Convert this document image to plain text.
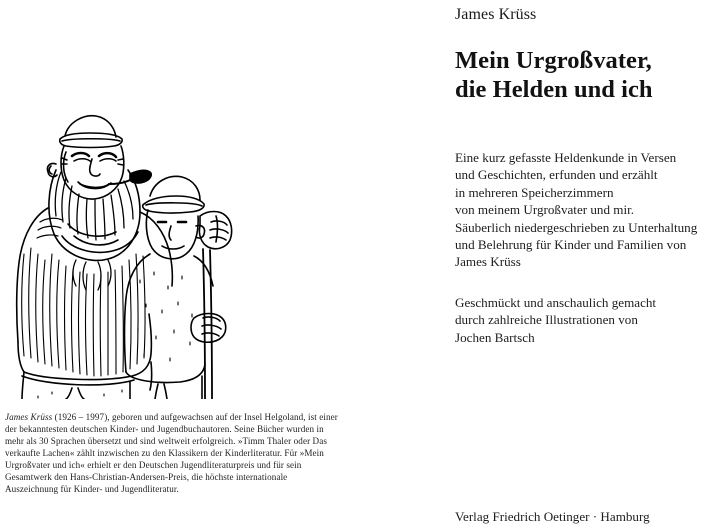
James Krüss (1926 – 1997), geboren und aufgewachsen auf der Insel Helgoland, ist einer der bekanntesten deutschen Kinder- und Jugendbuchautoren. Seine Bücher wurden in mehr als 30 Sprachen übersetzt und sind weltweit erfolgreich. »Timm Thaler oder Das verkaufte Lachen« zählt inzwischen zu den Klassikern der Kinderliteratur. Für »Mein Urgroßvater und ich« erhielt er den Deutschen Jugendliteraturpreis und für sein Gesamtwerk den Hans-Christian-Andersen-Preis, die höchste internationale Auszeichnung für Kinder- und Jugendliteratur.

James Krüss
Mein Urgroßvater,
die Helden und ich
Eine kurz gefasste Heldenkunde in Versen
und Geschichten, erfunden und erzählt
in mehreren Speicherzimmern
von meinem Urgroßvater und mir.
Säuberlich niedergeschrieben zu Unterhaltung
und Belehrung für Kinder und Familien von
James Krüss
Geschmückt und anschaulich gemacht
durch zahlreiche Illustrationen von
Jochen Bartsch
Verlag Friedrich Oetinger · Hamburg
